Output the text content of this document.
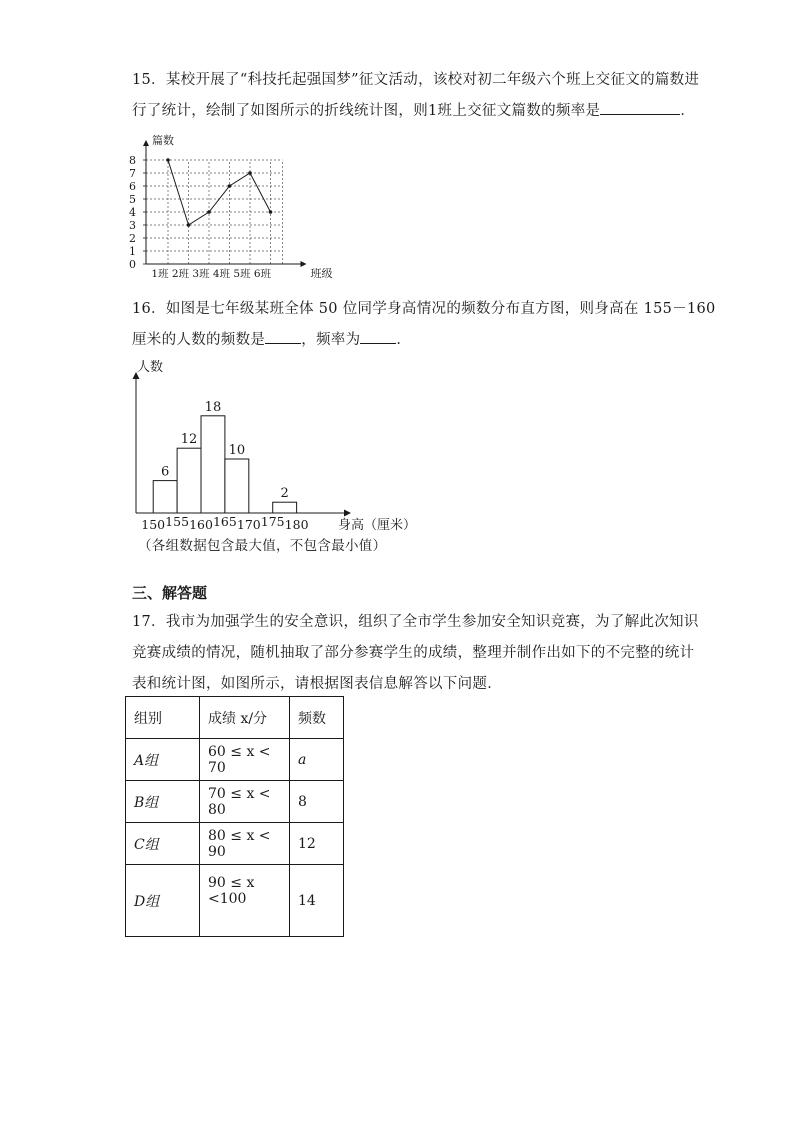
15．某校开展了“科技托起强国梦”征文活动，该校对初二年级六个班上交征文的篇数进
行了统计，绘制了如图所示的折线统计图，则1班上交征文篇数的频率是	．
0
1
2
3
4
5
6
7
8
1班 2班 3班 4班 5班 6班
篇数
班级
16．如图是七年级某班全体 50 位同学身高情况的频数分布直方图，则身高在 155－160
厘米的人数的频数是 ，频率为 ．
6
12
18
10
2
150 155 160 165 170 175 180
人数
身高（厘米）
（各组数据包含最大值，不包含最小值）
三、解答题
17．我市为加强学生的安全意识，组织了全市学生参加安全知识竞赛，为了解此次知识
竞赛成绩的情况，随机抽取了部分参赛学生的成绩，整理并制作出如下的不完整的统计
表和统计图，如图所示，请根据图表信息解答以下问题．
组别	成绩 x/分	频数
A组	60 ≤ x < 70	a
B组	70 ≤ x < 80	8
C组	80 ≤ x < 90	12
D组	90 ≤ x <100	14
